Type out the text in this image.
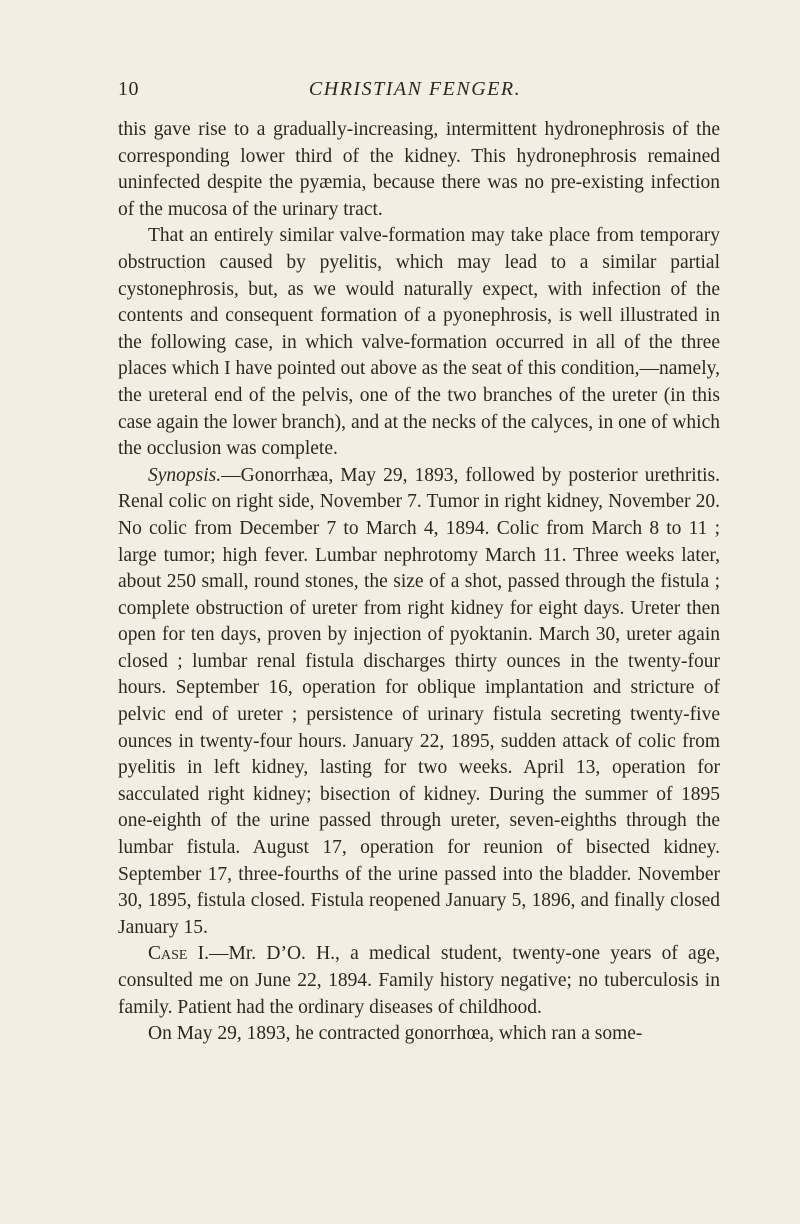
10	CHRISTIAN FENGER.

this gave rise to a gradually-increasing, intermittent hydronephrosis of the corresponding lower third of the kidney. This hydronephrosis remained uninfected despite the pyæmia, because there was no pre-existing infection of the mucosa of the urinary tract.

That an entirely similar valve-formation may take place from temporary obstruction caused by pyelitis, which may lead to a similar partial cystonephrosis, but, as we would naturally expect, with infection of the contents and consequent formation of a pyonephrosis, is well illustrated in the following case, in which valve-formation occurred in all of the three places which I have pointed out above as the seat of this condition,—namely, the ureteral end of the pelvis, one of the two branches of the ureter (in this case again the lower branch), and at the necks of the calyces, in one of which the occlusion was complete.

Synopsis.—Gonorrhæa, May 29, 1893, followed by posterior urethritis. Renal colic on right side, November 7. Tumor in right kidney, November 20. No colic from December 7 to March 4, 1894. Colic from March 8 to 11 ; large tumor; high fever. Lumbar nephrotomy March 11. Three weeks later, about 250 small, round stones, the size of a shot, passed through the fistula ; complete obstruction of ureter from right kidney for eight days. Ureter then open for ten days, proven by injection of pyoktanin. March 30, ureter again closed ; lumbar renal fistula discharges thirty ounces in the twenty-four hours. September 16, operation for oblique implantation and stricture of pelvic end of ureter ; persistence of urinary fistula secreting twenty-five ounces in twenty-four hours. January 22, 1895, sudden attack of colic from pyelitis in left kidney, lasting for two weeks. April 13, operation for sacculated right kidney; bisection of kidney. During the summer of 1895 one-eighth of the urine passed through ureter, seven-eighths through the lumbar fistula. August 17, operation for reunion of bisected kidney. September 17, three-fourths of the urine passed into the bladder. November 30, 1895, fistula closed. Fistula reopened January 5, 1896, and finally closed January 15.

Case I.—Mr. D’O. H., a medical student, twenty-one years of age, consulted me on June 22, 1894. Family history negative; no tuberculosis in family. Patient had the ordinary diseases of childhood.

On May 29, 1893, he contracted gonorrhœa, which ran a some-
